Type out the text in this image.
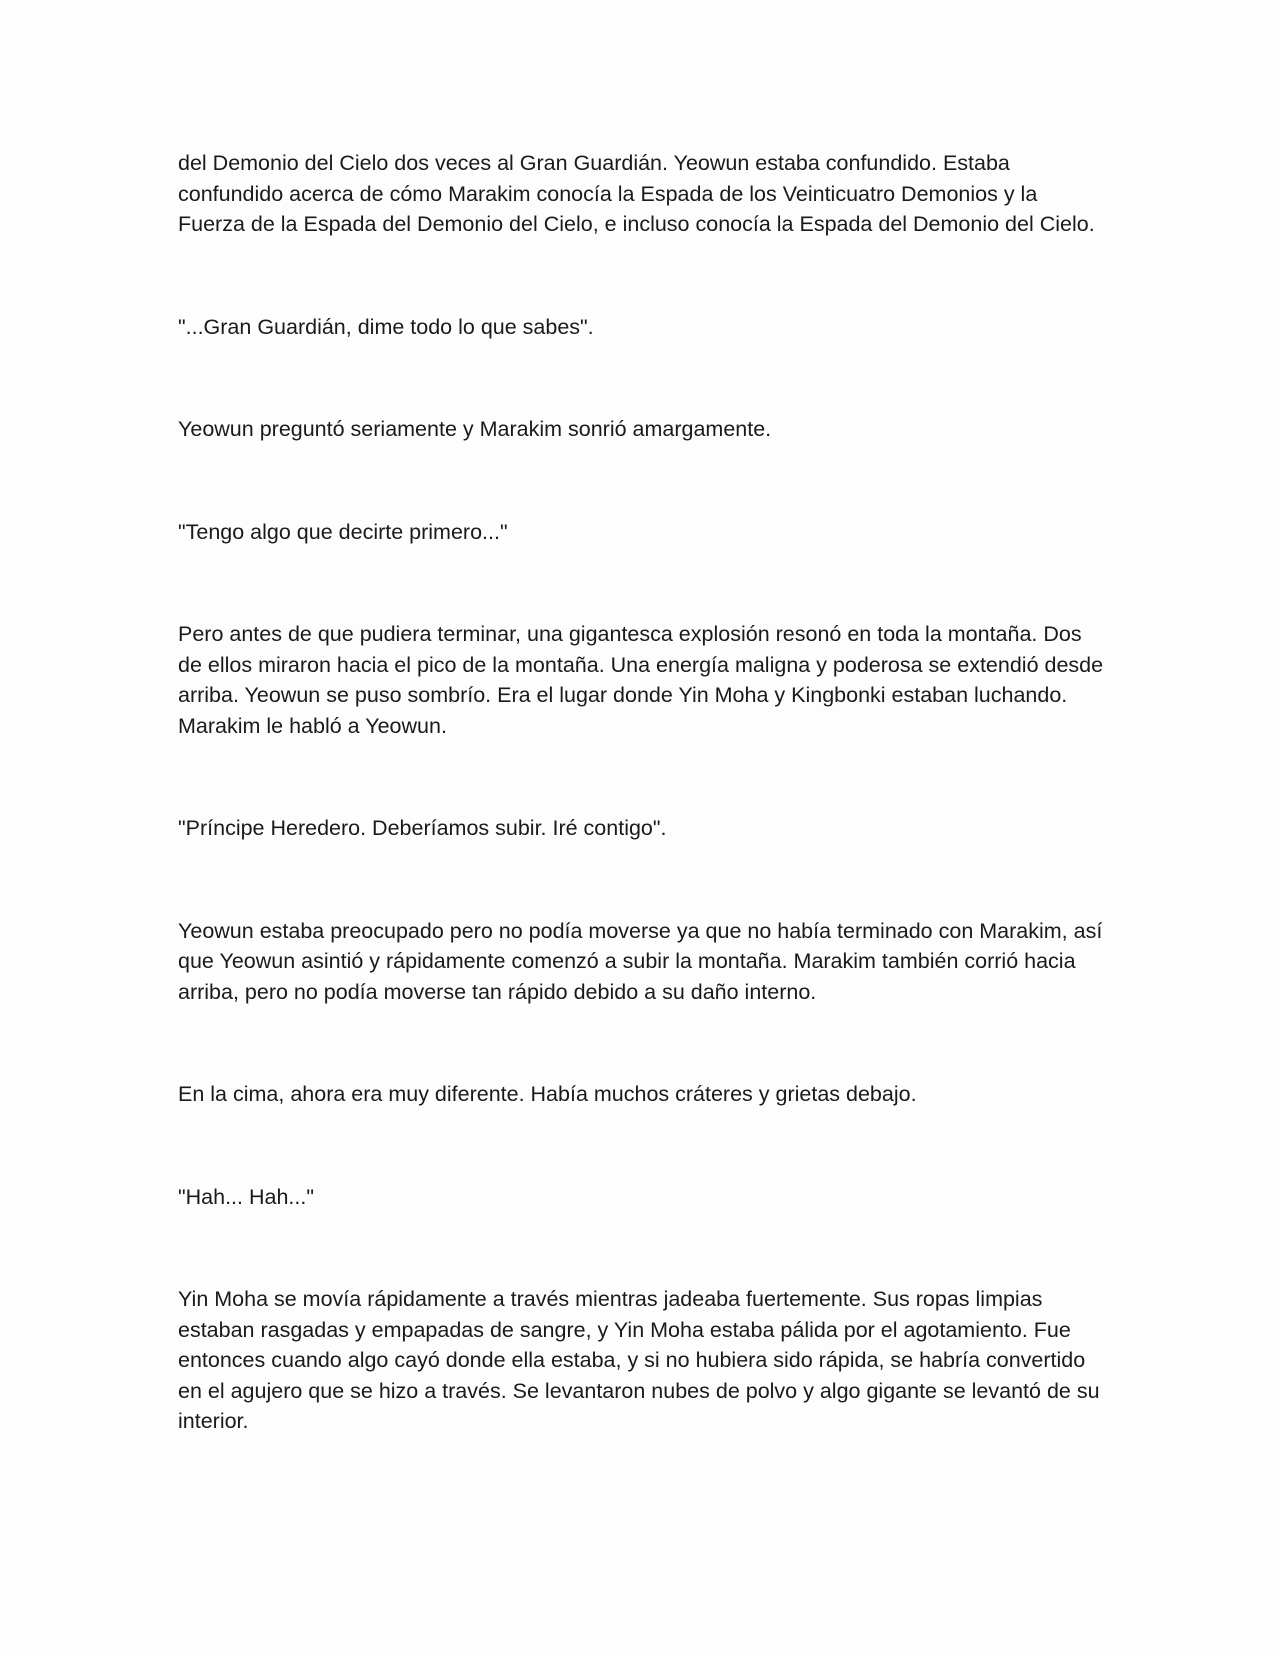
del Demonio del Cielo dos veces al Gran Guardián. Yeowun estaba confundido. Estaba confundido acerca de cómo Marakim conocía la Espada de los Veinticuatro Demonios y la Fuerza de la Espada del Demonio del Cielo, e incluso conocía la Espada del Demonio del Cielo.

"...Gran Guardián, dime todo lo que sabes".

Yeowun preguntó seriamente y Marakim sonrió amargamente.

"Tengo algo que decirte primero..."

Pero antes de que pudiera terminar, una gigantesca explosión resonó en toda la montaña. Dos de ellos miraron hacia el pico de la montaña. Una energía maligna y poderosa se extendió desde arriba. Yeowun se puso sombrío. Era el lugar donde Yin Moha y Kingbonki estaban luchando. Marakim le habló a Yeowun.

"Príncipe Heredero. Deberíamos subir. Iré contigo".

Yeowun estaba preocupado pero no podía moverse ya que no había terminado con Marakim, así que Yeowun asintió y rápidamente comenzó a subir la montaña. Marakim también corrió hacia arriba, pero no podía moverse tan rápido debido a su daño interno.

En la cima, ahora era muy diferente. Había muchos cráteres y grietas debajo.

"Hah... Hah..."

Yin Moha se movía rápidamente a través mientras jadeaba fuertemente. Sus ropas limpias estaban rasgadas y empapadas de sangre, y Yin Moha estaba pálida por el agotamiento. Fue entonces cuando algo cayó donde ella estaba, y si no hubiera sido rápida, se habría convertido en el agujero que se hizo a través. Se levantaron nubes de polvo y algo gigante se levantó de su interior.
